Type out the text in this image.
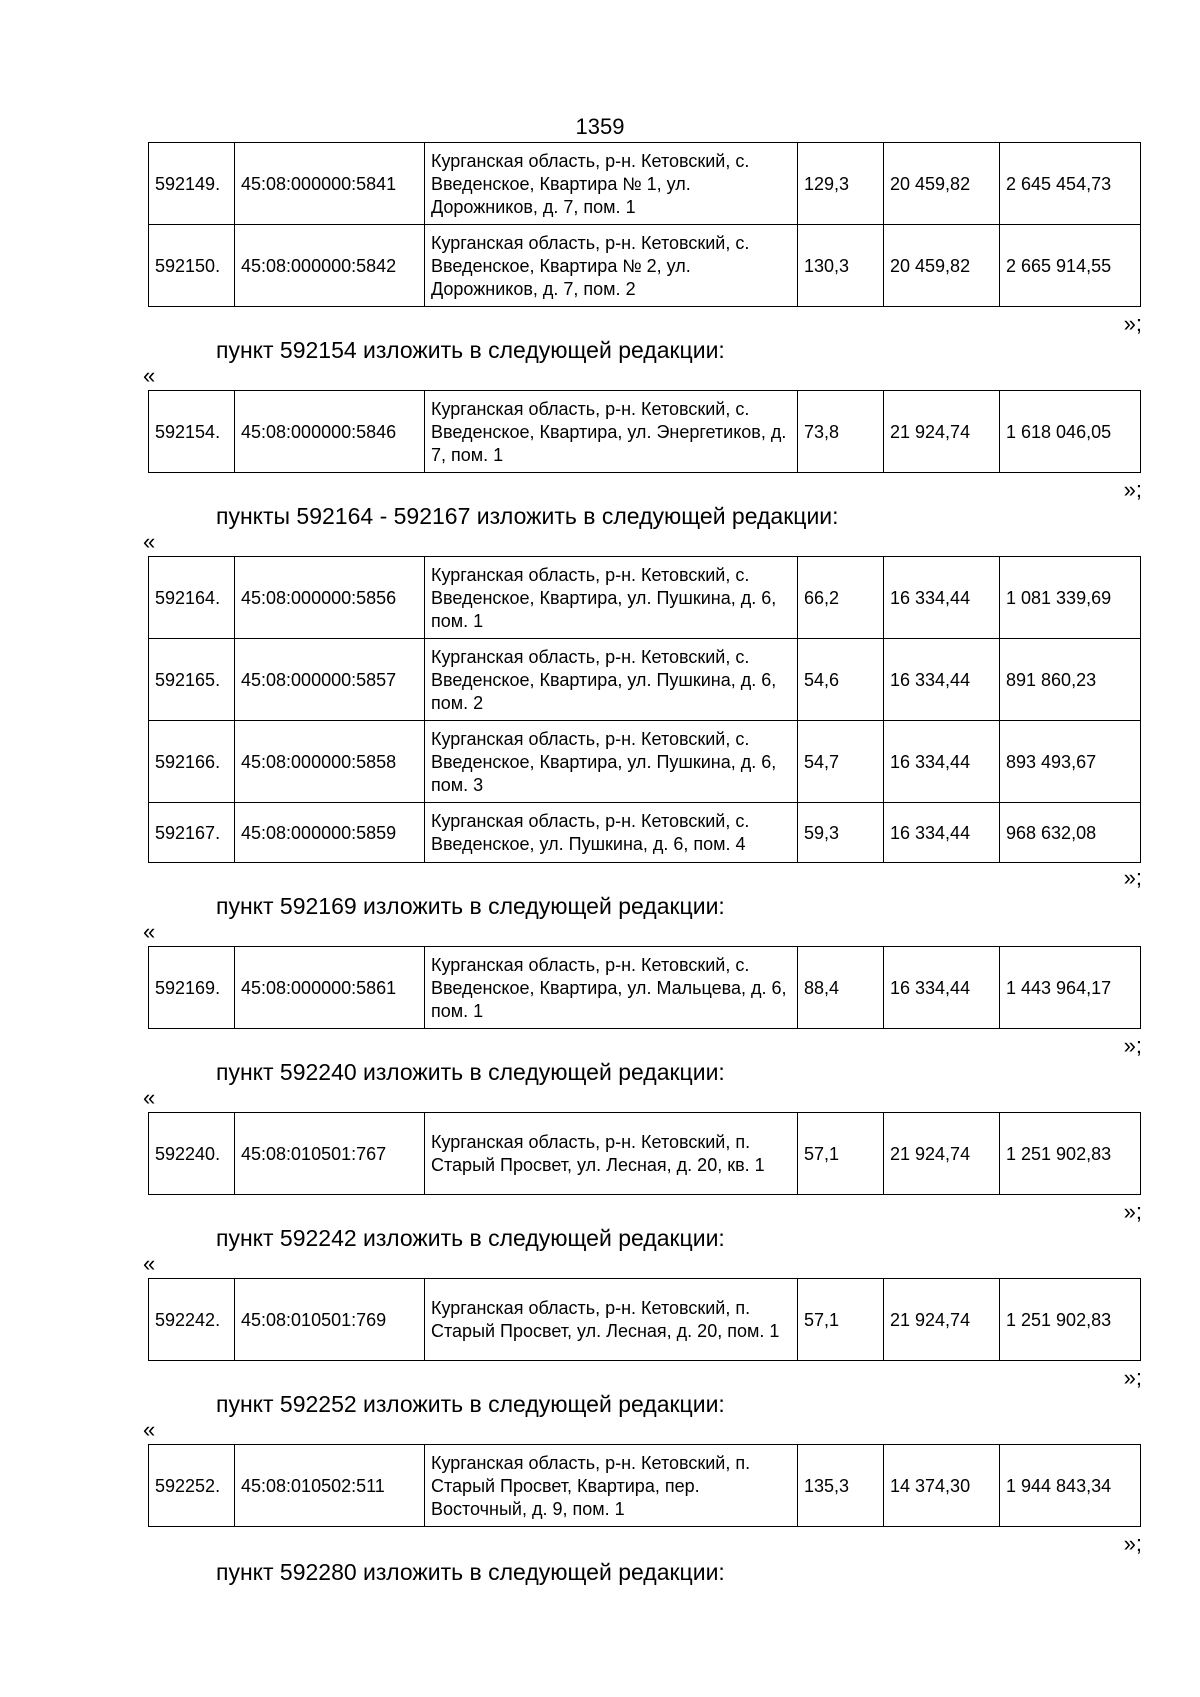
1359
592149.	45:08:000000:5841	Курганская область, р-н. Кетовский, с. Введенское, Квартира № 1, ул. Дорожников, д. 7, пом. 1	129,3	20 459,82	2 645 454,73
592150.	45:08:000000:5842	Курганская область, р-н. Кетовский, с. Введенское, Квартира № 2, ул. Дорожников, д. 7, пом. 2	130,3	20 459,82	2 665 914,55
»;
пункт 592154 изложить в следующей редакции:
«
592154.	45:08:000000:5846	Курганская область, р-н. Кетовский, с. Введенское, Квартира, ул. Энергетиков, д. 7, пом. 1	73,8	21 924,74	1 618 046,05
»;
пункты 592164 - 592167 изложить в следующей редакции:
«
592164.	45:08:000000:5856	Курганская область, р-н. Кетовский, с. Введенское, Квартира, ул. Пушкина, д. 6, пом. 1	66,2	16 334,44	1 081 339,69
592165.	45:08:000000:5857	Курганская область, р-н. Кетовский, с. Введенское, Квартира, ул. Пушкина, д. 6, пом. 2	54,6	16 334,44	891 860,23
592166.	45:08:000000:5858	Курганская область, р-н. Кетовский, с. Введенское, Квартира, ул. Пушкина, д. 6, пом. 3	54,7	16 334,44	893 493,67
592167.	45:08:000000:5859	Курганская область, р-н. Кетовский, с. Введенское, ул. Пушкина, д. 6, пом. 4	59,3	16 334,44	968 632,08
»;
пункт 592169 изложить в следующей редакции:
«
592169.	45:08:000000:5861	Курганская область, р-н. Кетовский, с. Введенское, Квартира, ул. Мальцева, д. 6, пом. 1	88,4	16 334,44	1 443 964,17
»;
пункт 592240 изложить в следующей редакции:
«
592240.	45:08:010501:767	Курганская область, р-н. Кетовский, п. Старый Просвет, ул. Лесная, д. 20, кв. 1	57,1	21 924,74	1 251 902,83
»;
пункт 592242 изложить в следующей редакции:
«
592242.	45:08:010501:769	Курганская область, р-н. Кетовский, п. Старый Просвет, ул. Лесная, д. 20, пом. 1	57,1	21 924,74	1 251 902,83
»;
пункт 592252 изложить в следующей редакции:
«
592252.	45:08:010502:511	Курганская область, р-н. Кетовский, п. Старый Просвет, Квартира, пер. Восточный, д. 9, пом. 1	135,3	14 374,30	1 944 843,34
»;
пункт 592280 изложить в следующей редакции:
